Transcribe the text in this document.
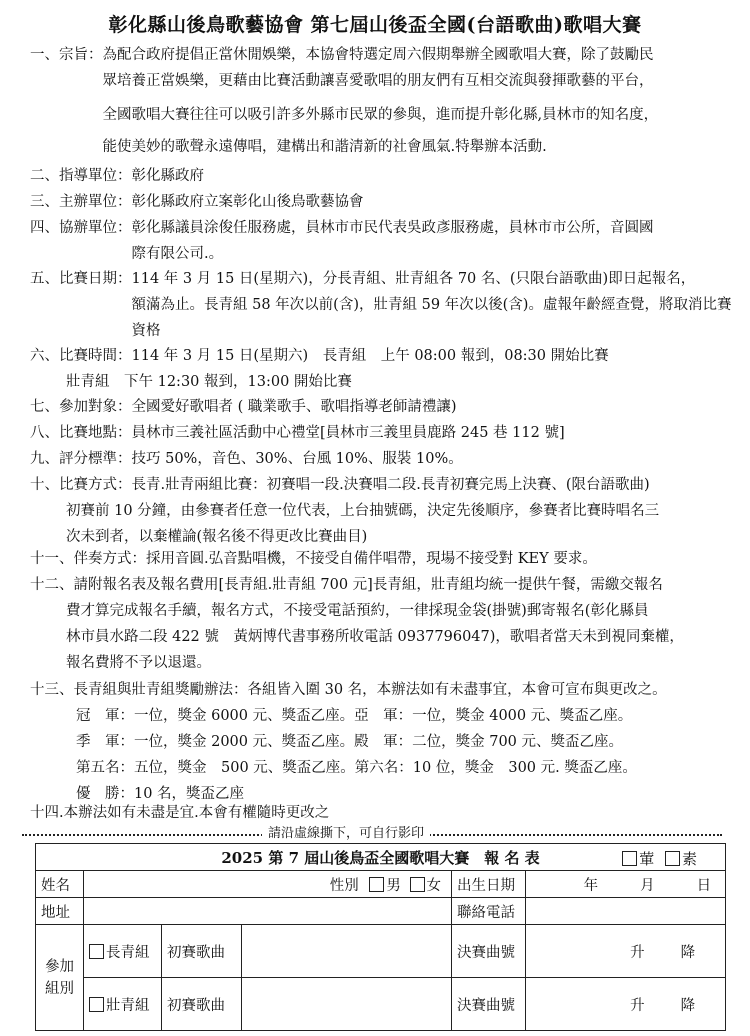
彰化縣山後鳥歌藝協會 第七屆山後盃全國(台語歌曲)歌唱大賽
一、宗旨： 為配合政府提倡正當休閒娛樂，本協會特選定周六假期舉辦全國歌唱大賽，除了鼓勵民
眾培養正當娛樂，更藉由比賽活動讓喜愛歌唱的朋友們有互相交流與發揮歌藝的平台，
全國歌唱大賽往往可以吸引許多外縣市民眾的參與，進而提升彰化縣,員林市的知名度，
能使美妙的歌聲永遠傳唱，建構出和諧清新的社會風氣.特舉辦本活動.
二、指導單位： 彰化縣政府
三、主辦單位： 彰化縣政府立案彰化山後鳥歌藝協會
四、協辦單位： 彰化縣議員涂俊任服務處，員林市市民代表吳政彥服務處，員林市市公所，音圓國
際有限公司.。
五、比賽日期： 114 年 3 月 15 日(星期六)，分長青組、壯青組各 70 名、(只限台語歌曲)即日起報名，
額滿為止。長青組 58 年次以前(含)，壯青組 59 年次以後(含)。虛報年齡經查覺，將取消比賽
資格
六、比賽時間： 114 年 3 月 15 日(星期六)　長青組　上午 08:00 報到，08:30 開始比賽
壯青組　下午 12:30 報到，13:00 開始比賽
七、參加對象： 全國愛好歌唱者 ( 職業歌手、歌唱指導老師請禮讓)
八、比賽地點： 員林市三義社區活動中心禮堂[員林市三義里員鹿路 245 巷 112 號]
九、評分標準： 技巧 50%，音色、30%、台風 10%、服裝 10%。
十、比賽方式： 長青.壯青兩組比賽：初賽唱一段.決賽唱二段.長青初賽完馬上決賽、(限台語歌曲)
初賽前 10 分鐘，由參賽者任意一位代表，上台抽號碼，決定先後順序，參賽者比賽時唱名三
次未到者，以棄權論(報名後不得更改比賽曲目)
十一、伴奏方式： 採用音圓.弘音點唱機，不接受自備伴唱帶，現場不接受對 KEY 要求。
十二、請附報名表及報名費用 [長青組.壯青組 700 元]長青組，壯青組均統一提供午餐，需繳交報名
費才算完成報名手續，報名方式，不接受電話預約，一律採現金袋(掛號)郵寄報名(彰化縣員
林市員水路二段 422 號　黃炳博代書事務所收電話 0937796047)，歌唱者當天未到視同棄權，
報名費將不予以退還。
十三、長青組與壯青組獎勵辦法： 各組皆入圍 30 名，本辦法如有未盡事宜，本會可宣布與更改之。
冠　軍：一位，獎金 6000 元、獎盃乙座。亞　軍：一位，獎金 4000 元、獎盃乙座。
季　軍：一位，獎金 2000 元、獎盃乙座。殿　軍：二位，獎金 700 元、獎盃乙座。
第五名：五位，獎金　500 元、獎盃乙座。第六名：10 位，獎金　300 元. 獎盃乙座。
優　勝：10 名，獎盃乙座
十四. 本辦法如有未盡是宜.本會有權隨時更改之
請沿虛線撕下，可自行影印
2025 第 7 屆山後鳥盃全國歌唱大賽　報 名 表 葷 素					

姓名	性別 男 女			出生日期	年 月 日
地址				聯絡電話	
參加
組別	長青組	初賽歌曲		決賽曲號	升 降
	壯青組	初賽歌曲		決賽曲號	升 降
